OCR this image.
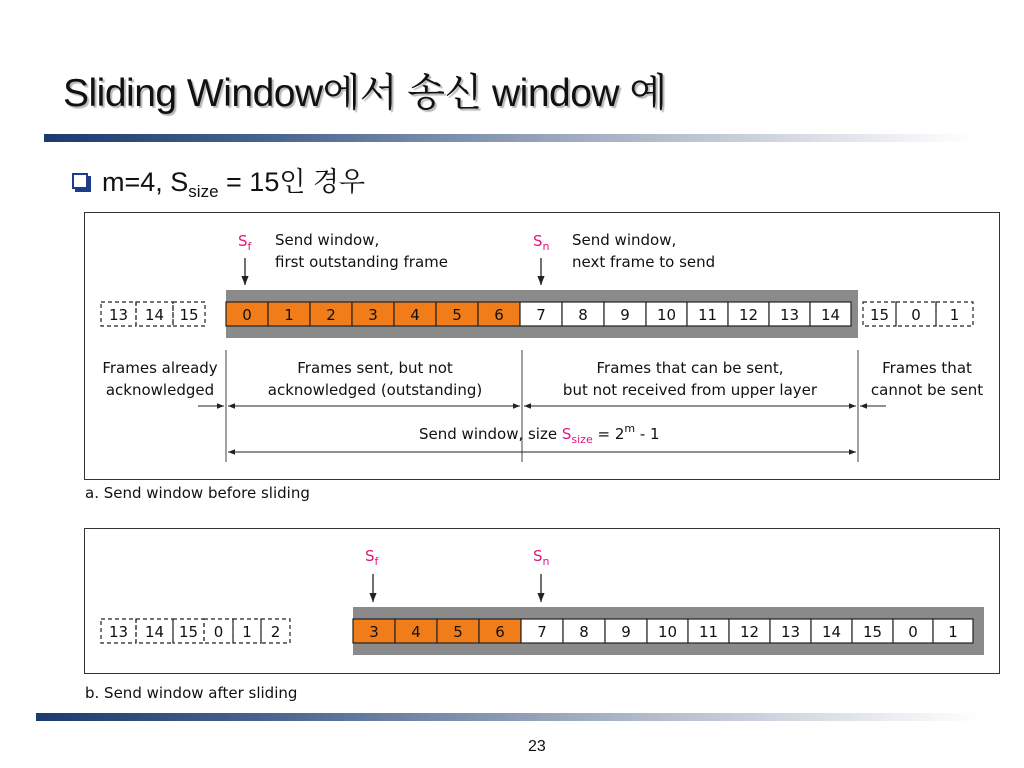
Sliding Window에서 송신 window 예
m=4, $S_{size} = 15$인 경우
a. Send window before sliding
b. Send window after sliding
13 14 15	0 1 2 3 4 5 6 7 8 9 10 11 12 13 14 15 0 1
$S_f$	$S_n$
Send window,
first outstanding frame
Send window,
next frame to send
Frames already
acknowledged
Frames sent, but not
acknowledged (outstanding)
Frames that can be sent,
but not received from upper layer
Frames that
cannot be sent
Send window, size $S_{size} = 2^m - 1$
13 14 15 0 1 2	3 4 5 6 7 8 9 10 11 12 13 14 15 0 1
$S_f$	$S_n$
23
